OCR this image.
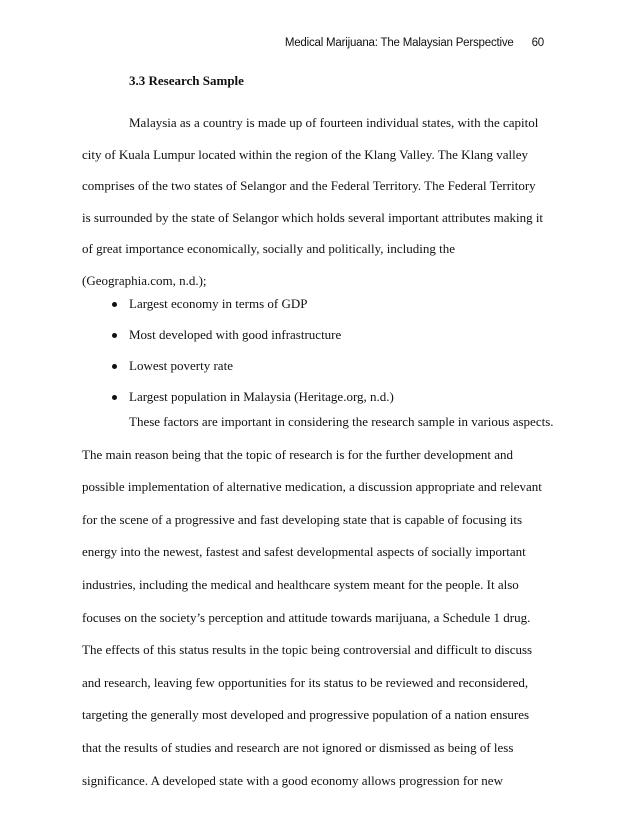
Medical Marijuana: The Malaysian Perspective 60
3.3 Research Sample
Malaysia as a country is made up of fourteen individual states, with the capitol
city of Kuala Lumpur located within the region of the Klang Valley. The Klang valley
comprises of the two states of Selangor and the Federal Territory. The Federal Territory
is surrounded by the state of Selangor which holds several important attributes making it
of great importance economically, socially and politically, including the
(Geographia.com, n.d.);
Largest economy in terms of GDP
Most developed with good infrastructure
Lowest poverty rate
Largest population in Malaysia (Heritage.org, n.d.)
These factors are important in considering the research sample in various aspects.
The main reason being that the topic of research is for the further development and
possible implementation of alternative medication, a discussion appropriate and relevant
for the scene of a progressive and fast developing state that is capable of focusing its
energy into the newest, fastest and safest developmental aspects of socially important
industries, including the medical and healthcare system meant for the people. It also
focuses on the society’s perception and attitude towards marijuana, a Schedule 1 drug.
The effects of this status results in the topic being controversial and difficult to discuss
and research, leaving few opportunities for its status to be reviewed and reconsidered,
targeting the generally most developed and progressive population of a nation ensures
that the results of studies and research are not ignored or dismissed as being of less
significance. A developed state with a good economy allows progression for new
